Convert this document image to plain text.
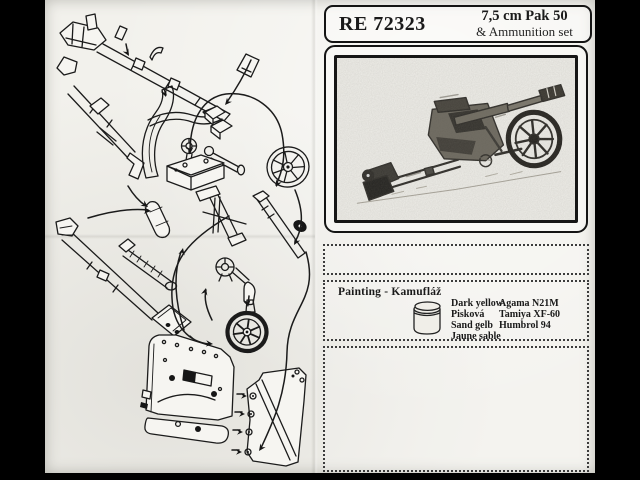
RE 72323	7,5 cm Pak 50
& Ammunition set
Painting - Kamufláž
Dark yellow
Pisková
Sand gelb
Jaune sable
Agama N21M
Tamiya XF-60
Humbrol 94
